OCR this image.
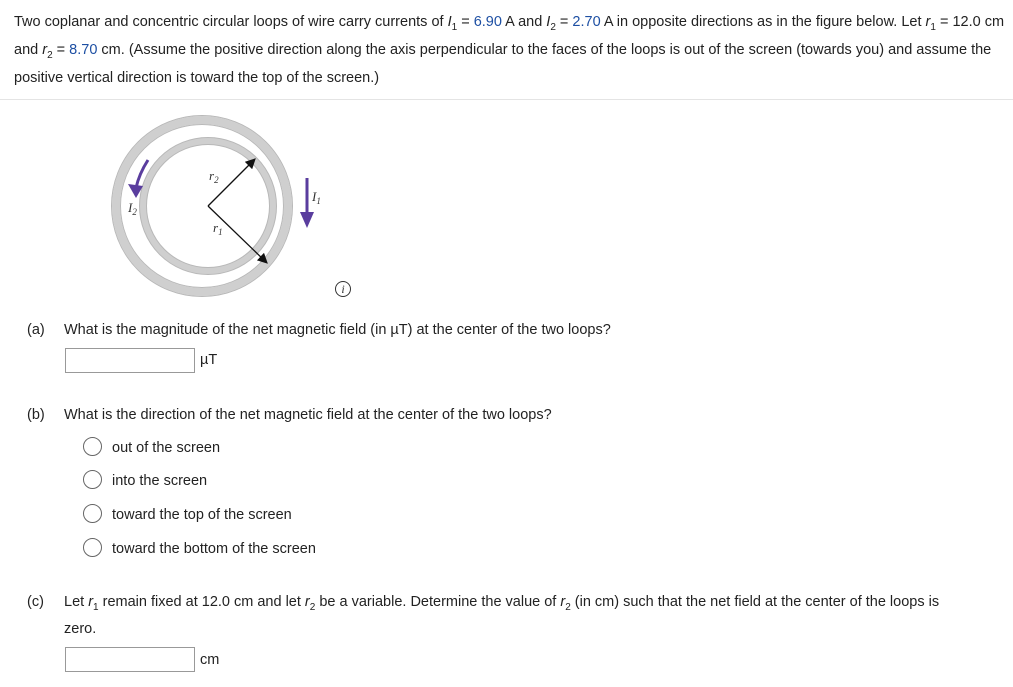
Two coplanar and concentric circular loops of wire carry currents of $I_1 = 6.90$ A and $I_2 = 2.70$ A in opposite directions as in the figure below. Let $r_1 = 12.0$ cm and $r_2 = 8.70$ cm. (Assume the positive direction along the axis perpendicular to the faces of the loops is out of the screen (towards you) and assume the positive vertical direction is toward the top of the screen.)
$r_2$
$r_1$
$I_2$
$I_1$
i
(a) What is the magnitude of the net magnetic field (in µT) at the center of the two loops?
µT
(b) What is the direction of the net magnetic field at the center of the two loops?
out of the screen
into the screen
toward the top of the screen
toward the bottom of the screen
(c) Let $r_1$ remain fixed at 12.0 cm and let $r_2$ be a variable. Determine the value of $r_2$ (in cm) such that the net field at the center of the loops is
zero.
cm
